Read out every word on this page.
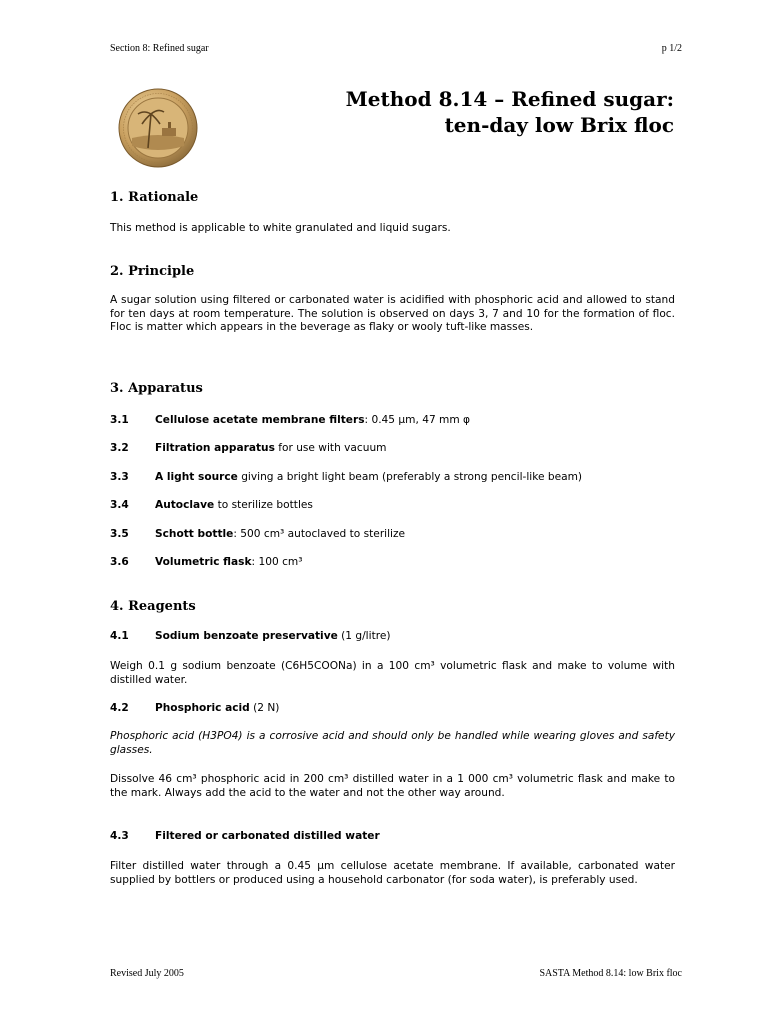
Section 8: Refined sugar	p 1/2
Method 8.14 – Refined sugar:
ten-day low Brix floc
1. Rationale
This method is applicable to white granulated and liquid sugars.
2. Principle
A sugar solution using filtered or carbonated water is acidified with phosphoric acid and allowed to stand for ten days at room temperature. The solution is observed on days 3, 7 and 10 for the formation of floc. Floc is matter which appears in the beverage as flaky or wooly tuft-like masses.
3. Apparatus
3.1 Cellulose acetate membrane filters: 0.45 µm, 47 mm φ
3.2 Filtration apparatus for use with vacuum
3.3 A light source giving a bright light beam (preferably a strong pencil-like beam)
3.4 Autoclave to sterilize bottles
3.5 Schott bottle: 500 cm³ autoclaved to sterilize
3.6 Volumetric flask: 100 cm³
4. Reagents
4.1 Sodium benzoate preservative (1 g/litre)
Weigh 0.1 g sodium benzoate (C6H5COONa) in a 100 cm³ volumetric flask and make to volume with distilled water.
4.2 Phosphoric acid (2 N)
Phosphoric acid (H3PO4) is a corrosive acid and should only be handled while wearing gloves and safety glasses.
Dissolve 46 cm³ phosphoric acid in 200 cm³ distilled water in a 1 000 cm³ volumetric flask and make to the mark. Always add the acid to the water and not the other way around.
4.3 Filtered or carbonated distilled water
Filter distilled water through a 0.45 µm cellulose acetate membrane. If available, carbonated water supplied by bottlers or produced using a household carbonator (for soda water), is preferably used.
Revised July 2005	SASTA Method 8.14: low Brix floc
